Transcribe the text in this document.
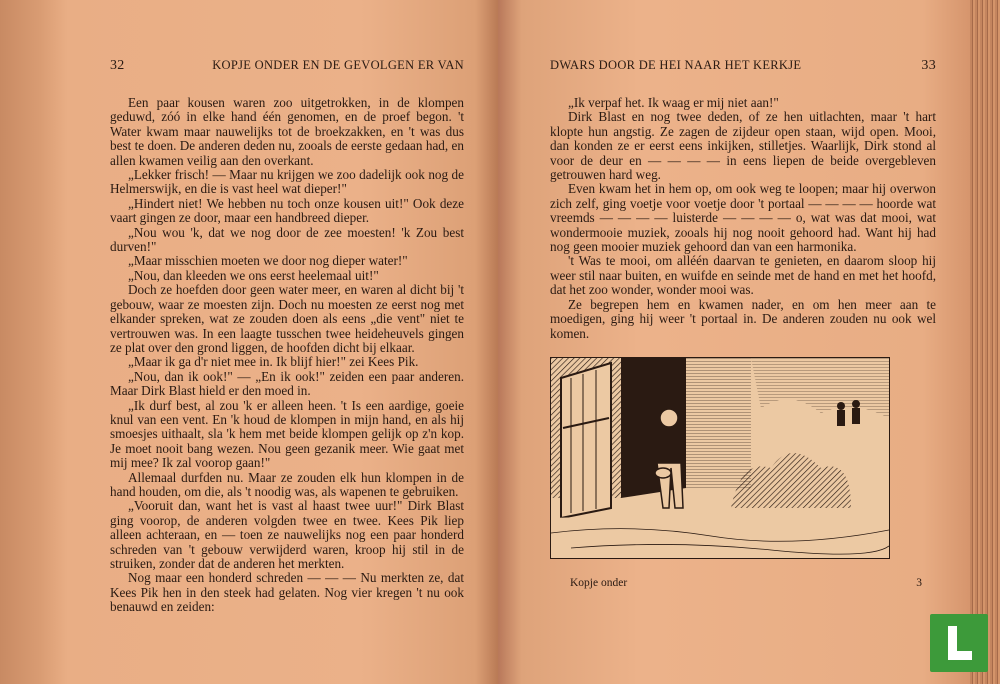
32	KOPJE ONDER EN DE GEVOLGEN ER VAN

Een paar kousen waren zoo uitgetrokken, in de klompen geduwd, zóó in elke hand één genomen, en de proef begon. 't Water kwam maar nauwelijks tot de broekzakken, en 't was dus best te doen. De anderen deden nu, zooals de eerste gedaan had, en allen kwamen veilig aan den overkant.

„Lekker frisch! — Maar nu krijgen we zoo dadelijk ook nog de Helmerswijk, en die is vast heel wat dieper!"

„Hindert niet! We hebben nu toch onze kousen uit!" Ook deze vaart gingen ze door, maar een handbreed dieper.

„Nou wou 'k, dat we nog door de zee moesten! 'k Zou best durven!"

„Maar misschien moeten we door nog dieper water!"

„Nou, dan kleeden we ons eerst heelemaal uit!"

Doch ze hoefden door geen water meer, en waren al dicht bij 't gebouw, waar ze moesten zijn. Doch nu moesten ze eerst nog met elkander spreken, wat ze zouden doen als eens „die vent" niet te vertrouwen was. In een laagte tusschen twee heideheuvels gingen ze plat over den grond liggen, de hoofden dicht bij elkaar.

„Maar ik ga d'r niet mee in. Ik blijf hier!" zei Kees Pik.

„Nou, dan ik ook!" — „En ik ook!" zeiden een paar anderen. Maar Dirk Blast hield er den moed in.

„Ik durf best, al zou 'k er alleen heen. 't Is een aardige, goeie knul van een vent. En 'k houd de klompen in mijn hand, en als hij smoesjes uithaalt, sla 'k hem met beide klompen gelijk op z'n kop. Je moet nooit bang wezen. Nou geen gezanik meer. Wie gaat met mij mee? Ik zal voorop gaan!"

Allemaal durfden nu. Maar ze zouden elk hun klompen in de hand houden, om die, als 't noodig was, als wapenen te gebruiken.

„Vooruit dan, want het is vast al haast twee uur!" Dirk Blast ging voorop, de anderen volgden twee en twee. Kees Pik liep alleen achteraan, en — toen ze nauwelijks nog een paar honderd schreden van 't gebouw verwijderd waren, kroop hij stil in de struiken, zonder dat de anderen het merkten.

Nog maar een honderd schreden — — — Nu merkten ze, dat Kees Pik hen in den steek had gelaten. Nog vier kregen 't nu ook benauwd en zeiden:

DWARS DOOR DE HEI NAAR HET KERKJE	33

„Ik verpaf het. Ik waag er mij niet aan!"

Dirk Blast en nog twee deden, of ze hen uitlachten, maar 't hart klopte hun angstig. Ze zagen de zijdeur open staan, wijd open. Mooi, dan konden ze er eerst eens inkijken, stilletjes. Waarlijk, Dirk stond al voor de deur en — — — — in eens liepen de beide overgebleven getrouwen hard weg.

Even kwam het in hem op, om ook weg te loopen; maar hij overwon zich zelf, ging voetje voor voetje door 't portaal — — — — hoorde wat vreemds — — — — luisterde — — — — o, wat was dat mooi, wat wondermooie muziek, zooals hij nog nooit gehoord had. Want hij had nog geen mooier muziek gehoord dan van een harmonika.

't Was te mooi, om alléén daarvan te genieten, en daarom sloop hij weer stil naar buiten, en wuifde en seinde met de hand en met het hoofd, dat het zoo wonder, wonder mooi was.

Ze begrepen hem en kwamen nader, en om hen meer aan te moedigen, ging hij weer 't portaal in. De anderen zouden nu ook wel komen.

Kopje onder	3
